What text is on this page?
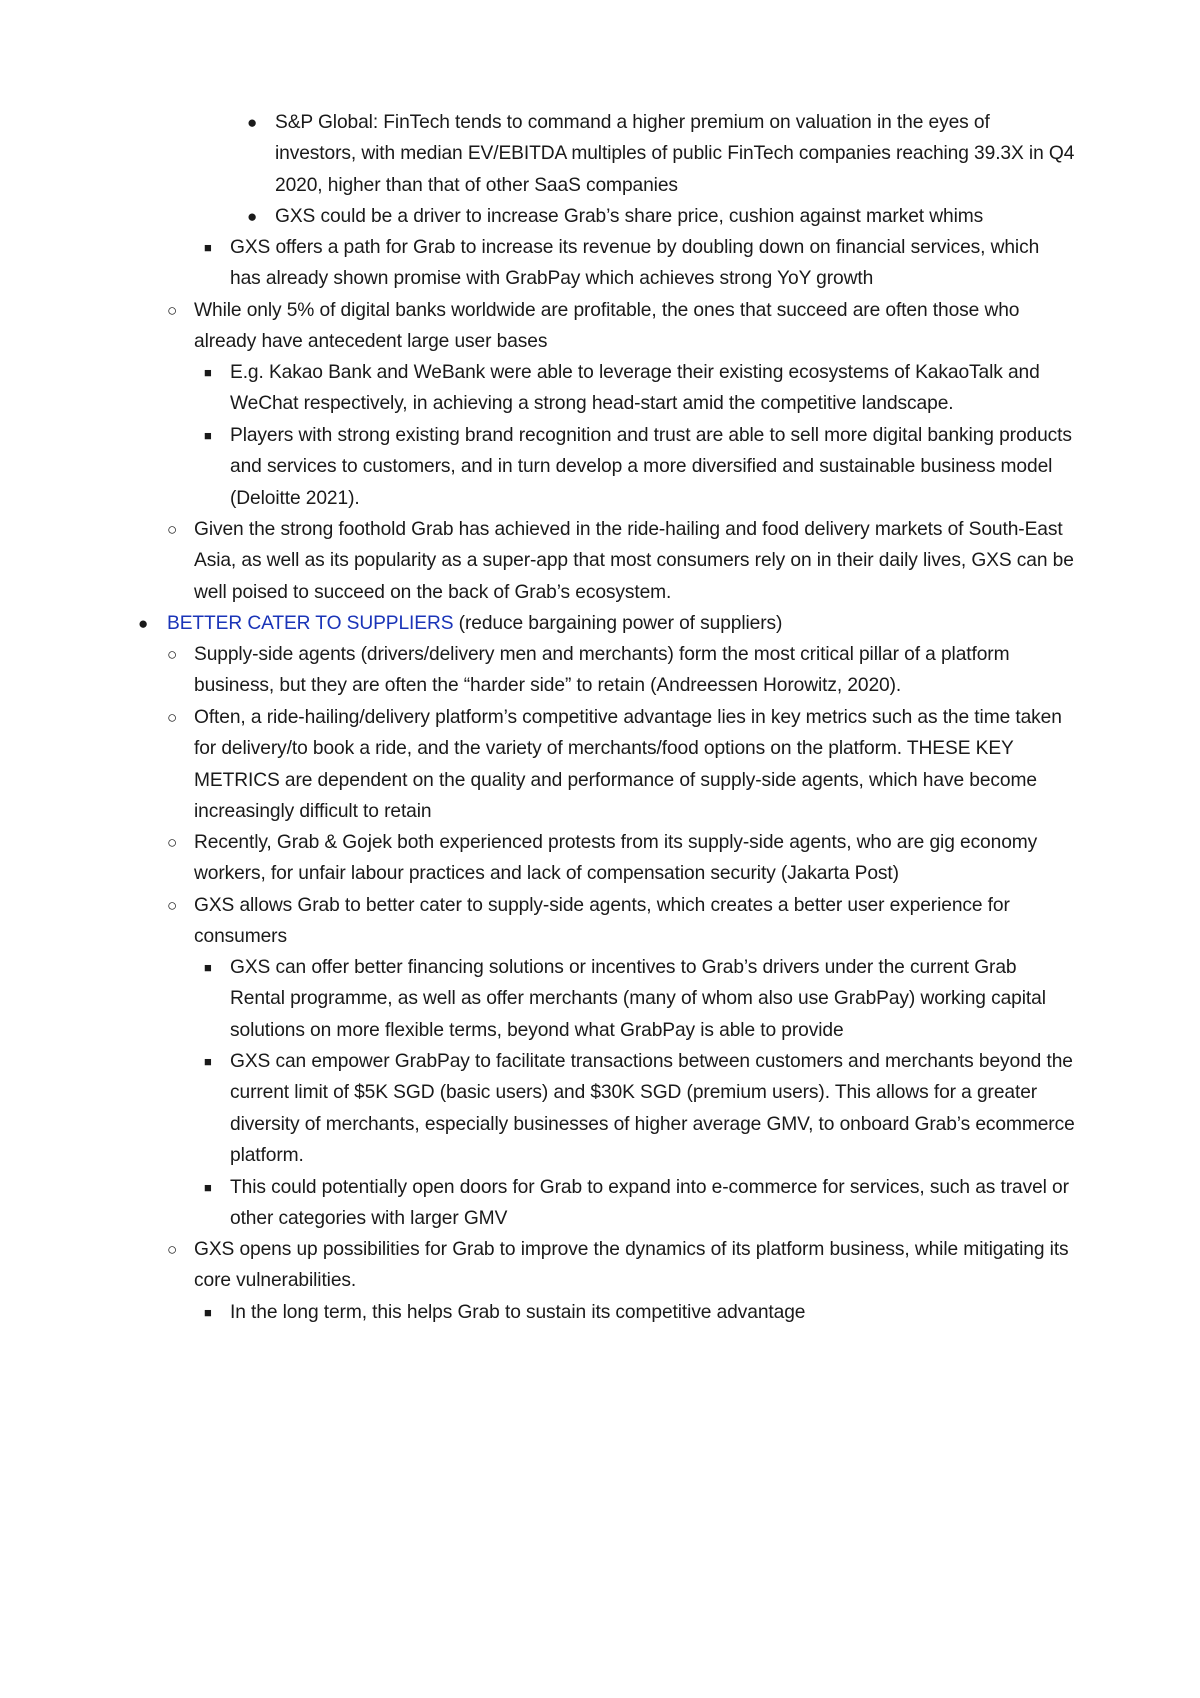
● S&P Global: FinTech tends to command a higher premium on valuation in the eyes of investors, with median EV/EBITDA multiples of public FinTech companies reaching 39.3X in Q4 2020, higher than that of other SaaS companies
● GXS could be a driver to increase Grab’s share price, cushion against market whims
■ GXS offers a path for Grab to increase its revenue by doubling down on financial services, which has already shown promise with GrabPay which achieves strong YoY growth
○ While only 5% of digital banks worldwide are profitable, the ones that succeed are often those who already have antecedent large user bases
■ E.g. Kakao Bank and WeBank were able to leverage their existing ecosystems of KakaoTalk and WeChat respectively, in achieving a strong head-start amid the competitive landscape.
■ Players with strong existing brand recognition and trust are able to sell more digital banking products and services to customers, and in turn develop a more diversified and sustainable business model (Deloitte 2021).
○ Given the strong foothold Grab has achieved in the ride-hailing and food delivery markets of South-East Asia, as well as its popularity as a super-app that most consumers rely on in their daily lives, GXS can be well poised to succeed on the back of Grab’s ecosystem.
● BETTER CATER TO SUPPLIERS (reduce bargaining power of suppliers)
○ Supply-side agents (drivers/delivery men and merchants) form the most critical pillar of a platform business, but they are often the “harder side” to retain (Andreessen Horowitz, 2020).
○ Often, a ride-hailing/delivery platform’s competitive advantage lies in key metrics such as the time taken for delivery/to book a ride, and the variety of merchants/food options on the platform. THESE KEY METRICS are dependent on the quality and performance of supply-side agents, which have become increasingly difficult to retain
○ Recently, Grab & Gojek both experienced protests from its supply-side agents, who are gig economy workers, for unfair labour practices and lack of compensation security (Jakarta Post)
○ GXS allows Grab to better cater to supply-side agents, which creates a better user experience for consumers
■ GXS can offer better financing solutions or incentives to Grab’s drivers under the current Grab Rental programme, as well as offer merchants (many of whom also use GrabPay) working capital solutions on more flexible terms, beyond what GrabPay is able to provide
■ GXS can empower GrabPay to facilitate transactions between customers and merchants beyond the current limit of $5K SGD (basic users) and $30K SGD (premium users). This allows for a greater diversity of merchants, especially businesses of higher average GMV, to onboard Grab’s ecommerce platform.
■ This could potentially open doors for Grab to expand into e-commerce for services, such as travel or other categories with larger GMV
○ GXS opens up possibilities for Grab to improve the dynamics of its platform business, while mitigating its core vulnerabilities.
■ In the long term, this helps Grab to sustain its competitive advantage
